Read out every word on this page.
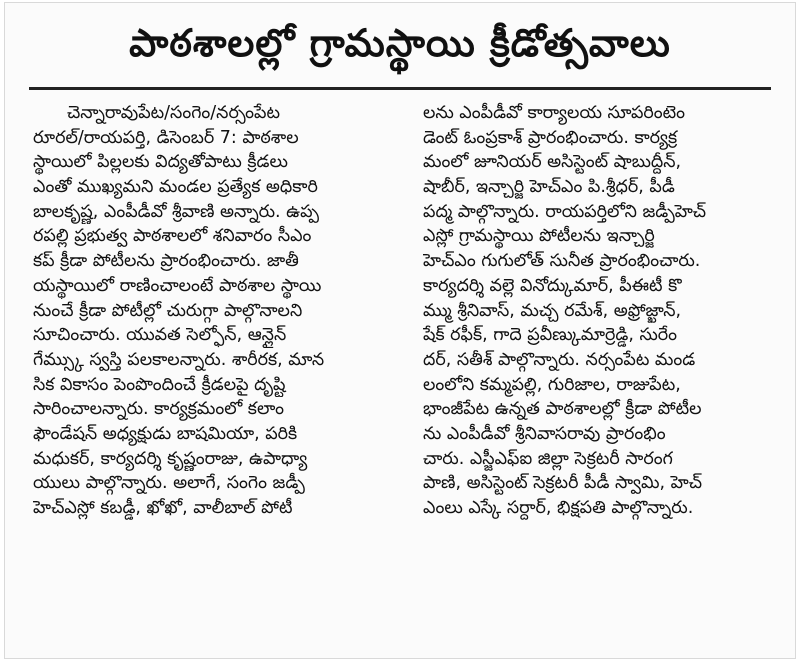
పాఠశాలల్లో గ్రామస్థాయి క్రీడోత్సవాలు
చెన్నారావుపేట/సంగెం/నర్సంపేట
రూరల్/రాయపర్తి, డిసెంబర్ 7: పాఠశాల
స్థాయిలో పిల్లలకు విద్యతోపాటు క్రీడలు
ఎంతో ముఖ్యమని మండల ప్రత్యేక అధికారి
బాలకృష్ణ, ఎంపీడీవో శ్రీవాణి అన్నారు. ఉప్ప
రపల్లి ప్రభుత్వ పాఠశాలలో శనివారం సీఎం
కప్ క్రీడా పోటీలను ప్రారంభించారు. జాతీ
యస్థాయిలో రాణించాలంటే పాఠశాల స్థాయి
నుంచే క్రీడా పోటీల్లో చురుగ్గా పాల్గొనాలని
సూచించారు. యువత సెల్ఫోన్, ఆన్లైన్
గేమ్స్కు స్వస్తి పలకాలన్నారు. శారీరక, మాన
సిక వికాసం పెంపొందించే క్రీడలపై దృష్టి
సారించాలన్నారు. కార్యక్రమంలో కలాం
ఫౌండేషన్ అధ్యక్షుడు బాషమియా, పరికి
మధుకర్, కార్యదర్శి కృష్ణంరాజు, ఉపాధ్యా
యులు పాల్గొన్నారు. అలాగే, సంగెం జడ్పీ
హెచ్ఎస్లో కబడ్డీ, ఖోఖో, వాలీబాల్ పోటీ
లను ఎంపీడీవో కార్యాలయ సూపరింటెం
డెంట్ ఓంప్రకాశ్ ప్రారంభించారు. కార్యక్ర
మంలో జూనియర్ అసిస్టెంట్ షాబుద్దీన్,
షాబీర్, ఇన్చార్జి హెచ్ఎం పి.శ్రీధర్, పీడీ
పద్మ పాల్గొన్నారు. రాయపర్తిలోని జడ్పీహెచ్
ఎస్లో గ్రామస్థాయి పోటీలను ఇన్చార్జి
హెచ్ఎం గుగులోత్ సునీత ప్రారంభించారు.
కార్యదర్శి వల్లె వినోద్కుమార్, పీఈటీ కొ
మ్ము శ్రీనివాస్, మచ్చ రమేశ్, అఫ్రోజ్ఖాన్,
షేక్ రఫీక్, గాదె ప్రవీణ్కుమార్రెడ్డి, సురేం
దర్, సతీశ్ పాల్గొన్నారు. నర్సంపేట మండ
లంలోని కమ్మపల్లి, గురిజాల, రాజుపేట,
భాంజీపేట ఉన్నత పాఠశాలల్లో క్రీడా పోటీల
ను ఎంపీడీవో శ్రీనివాసరావు ప్రారంభిం
చారు. ఎస్జీఎఫ్ఐ జిల్లా సెక్రటరీ సారంగ
పాణి, అసిస్టెంట్ సెక్రటరీ పీడీ స్వామి, హెచ్
ఎంలు ఎస్కే సర్దార్, భిక్షపతి పాల్గొన్నారు.
